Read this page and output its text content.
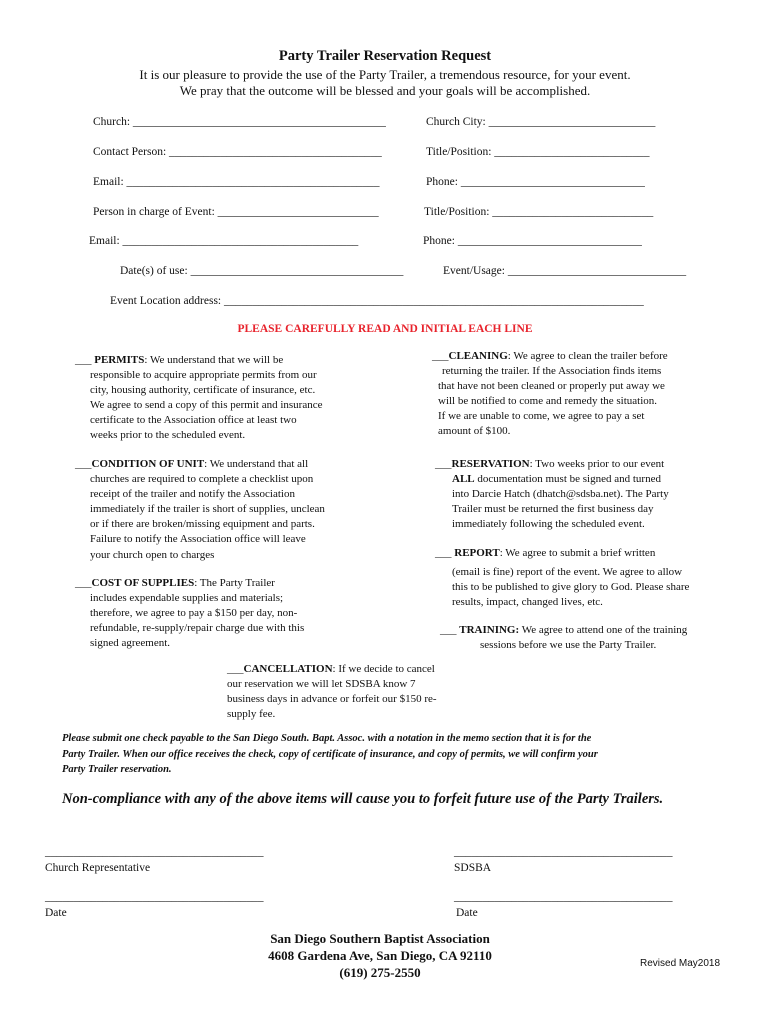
Party Trailer Reservation Request
It is our pleasure to provide the use of the Party Trailer, a tremendous resource, for your event.
We pray that the outcome will be blessed and your goals will be accomplished.
Church: ____________________________________________	Church City: _____________________________
Contact Person: _____________________________________	Title/Position: ___________________________
Email: ____________________________________________	Phone: ________________________________
Person in charge of Event: ____________________________	Title/Position: ____________________________
Email: _________________________________________	Phone: ________________________________
Date(s) of use: _____________________________________	Event/Usage: _______________________________
Event Location address: _________________________________________________________________________
PLEASE CAREFULLY READ AND INITIAL EACH LINE
___ PERMITS: We understand that we will be
responsible to acquire appropriate permits from our
city, housing authority, certificate of insurance, etc.
We agree to send a copy of this permit and insurance
certificate to the Association office at least two
weeks prior to the scheduled event.
___CONDITION OF UNIT: We understand that all
churches are required to complete a checklist upon
receipt of the trailer and notify the Association
immediately if the trailer is short of supplies, unclean
or if there are broken/missing equipment and parts.
Failure to notify the Association office will leave
your church open to charges
___COST OF SUPPLIES: The Party Trailer
includes expendable supplies and materials;
therefore, we agree to pay a $150 per day, non-
refundable, re-supply/repair charge due with this
signed agreement.
___CLEANING: We agree to clean the trailer before
returning the trailer. If the Association finds items
that have not been cleaned or properly put away we
will be notified to come and remedy the situation.
If we are unable to come, we agree to pay a set
amount of $100.
___RESERVATION: Two weeks prior to our event
ALL documentation must be signed and turned
into Darcie Hatch (dhatch@sdsba.net). The Party
Trailer must be returned the first business day
immediately following the scheduled event.
___ REPORT: We agree to submit a brief written
(email is fine) report of the event. We agree to allow
this to be published to give glory to God. Please share
results, impact, changed lives, etc.
___ TRAINING: We agree to attend one of the training
sessions before we use the Party Trailer.
___CANCELLATION: If we decide to cancel
our reservation we will let SDSBA know 7
business days in advance or forfeit our $150 re-
supply fee.
Please submit one check payable to the San Diego South. Bapt. Assoc. with a notation in the memo section that it is for the
Party Trailer. When our office receives the check, copy of certificate of insurance, and copy of permits, we will confirm your
Party Trailer reservation.
Non-compliance with any of the above items will cause you to forfeit future use of the Party Trailers.
______________________________________
Church Representative
______________________________________
SDSBA
______________________________________
Date
______________________________________
Date
San Diego Southern Baptist Association
4608 Gardena Ave, San Diego, CA 92110
(619) 275-2550
Revised May2018
